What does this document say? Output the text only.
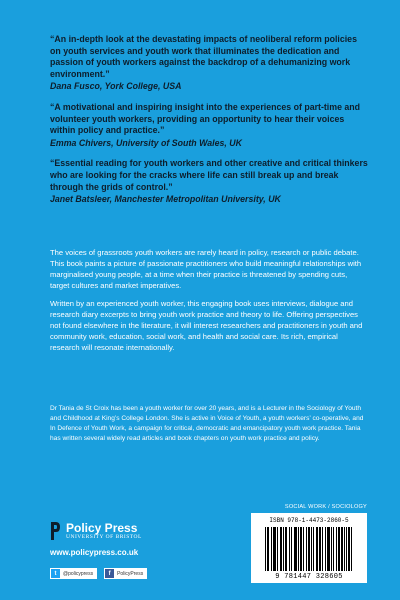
“An in-depth look at the devastating impacts of neoliberal reform policies on youth services and youth work that illuminates the dedication and passion of youth workers against the backdrop of a dehumanizing work environment.”

Dana Fusco, York College, USA

“A motivational and inspiring insight into the experiences of part-time and volunteer youth workers, providing an opportunity to hear their voices within policy and practice.”

Emma Chivers, University of South Wales, UK

“Essential reading for youth workers and other creative and critical thinkers who are looking for the cracks where life can still break up and break through the grids of control.”

Janet Batsleer, Manchester Metropolitan University, UK

The voices of grassroots youth workers are rarely heard in policy, research or public debate. This book paints a picture of passionate practitioners who build meaningful relationships with marginalised young people, at a time when their practice is threatened by spending cuts, target cultures and market imperatives.

Written by an experienced youth worker, this engaging book uses interviews, dialogue and research diary excerpts to bring youth work practice and theory to life. Offering perspectives not found elsewhere in the literature, it will interest researchers and practitioners in youth and community work, education, social work, and health and social care. Its rich, empirical research will resonate internationally.

Dr Tania de St Croix has been a youth worker for over 20 years, and is a Lecturer in the Sociology of Youth and Childhood at King’s College London. She is active in Voice of Youth, a youth workers’ co-operative, and In Defence of Youth Work, a campaign for critical, democratic and emancipatory youth work practice. Tania has written several widely read articles and book chapters on youth work practice and policy.

SOCIAL WORK / SOCIOLOGY
ISBN 978-1-4473-2860-5
9 781447 328605
Policy Press
UNIVERSITY OF BRISTOL
www.policypress.co.uk
t	@policypress	f	PolicyPress
